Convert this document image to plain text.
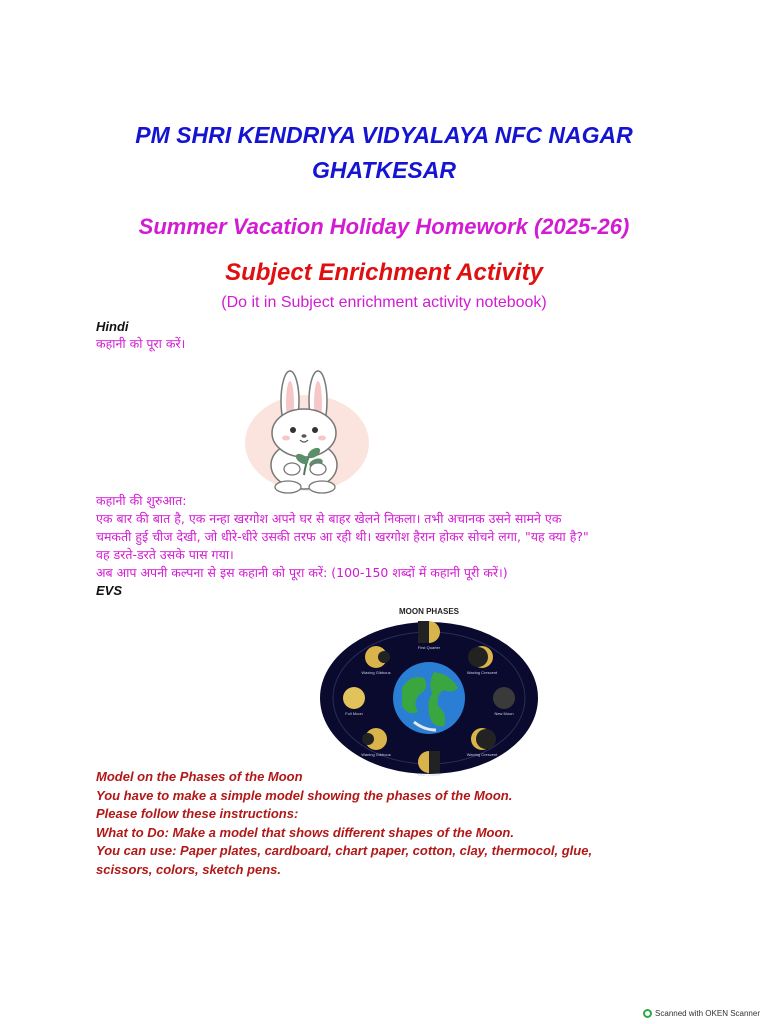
PM SHRI KENDRIYA VIDYALAYA NFC NAGAR
GHATKESAR
Summer Vacation Holiday Homework (2025-26)
Subject Enrichment Activity
(Do it in Subject enrichment activity notebook)
Hindi
कहानी को पूरा करें।
कहानी की शुरुआत:
एक बार की बात है, एक नन्हा खरगोश अपने घर से बाहर खेलने निकला। तभी अचानक उसने सामने एक
चमकती हुई चीज देखी, जो धीरे-धीरे उसकी तरफ आ रही थी। खरगोश हैरान होकर सोचने लगा, "यह क्या है?"
वह डरते-डरते उसके पास गया।
अब आप अपनी कल्पना से इस कहानी को पूरा करें: (100-150 शब्दों में कहानी पूरी करें।)
EVS
MOON PHASES
First Quarter
Waxing Crescent
New Moon
Waning Crescent
Last Quarter
Waning Gibbous
Full Moon
Waxing Gibbous
Model on the Phases of the Moon
You have to make a simple model showing the phases of the Moon.
Please follow these instructions:
What to Do: Make a model that shows different shapes of the Moon.
You can use: Paper plates, cardboard, chart paper, cotton, clay, thermocol, glue,
scissors, colors, sketch pens.
Scanned with OKEN Scanner
